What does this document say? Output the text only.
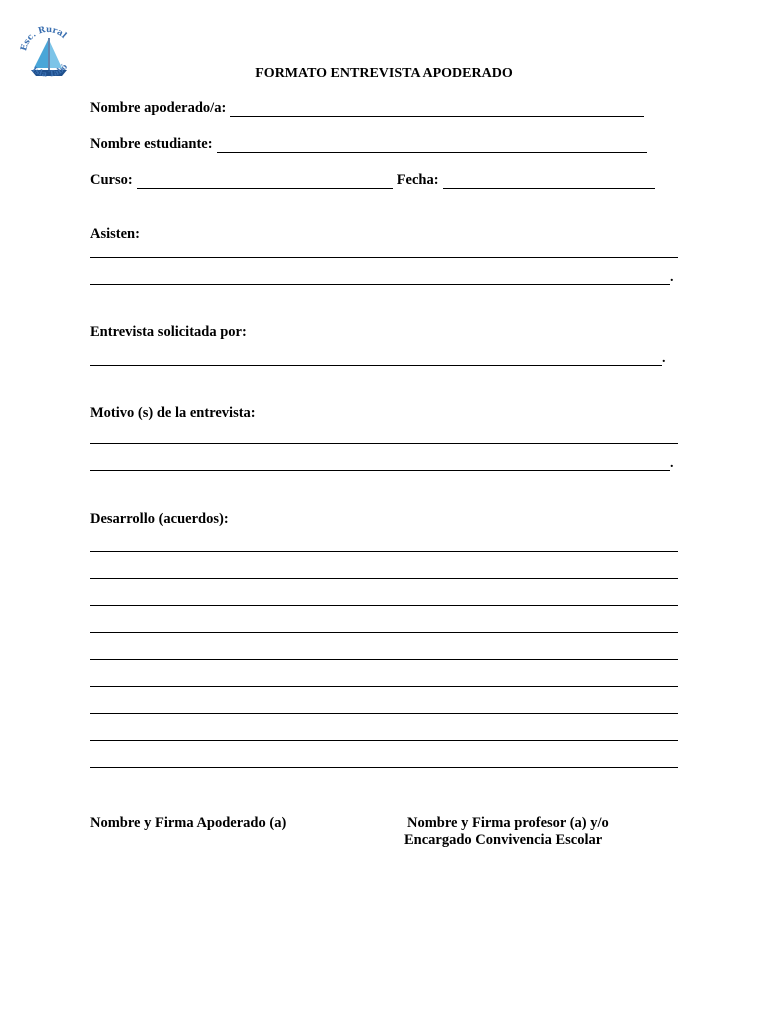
Esc. Rural
Isla Tabó	FORMATO ENTREVISTA APODERADO
Nombre apoderado/a:
Nombre estudiante:
Curso:	Fecha:
Asisten:
.
Entrevista solicitada por:
.
Motivo (s) de la entrevista:
.
Desarrollo (acuerdos):
Nombre y Firma Apoderado (a)	Nombre y Firma profesor (a) y/o
Encargado Convivencia Escolar
